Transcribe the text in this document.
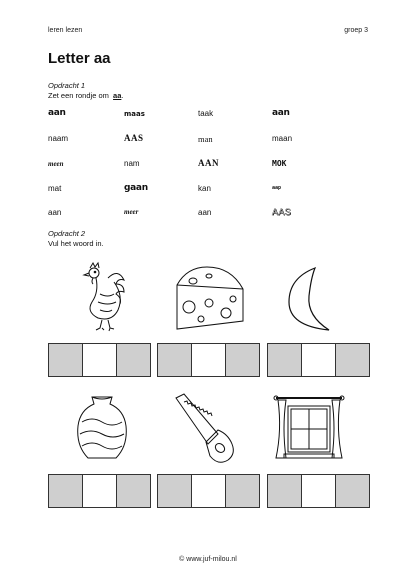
leren lezen	groep 3
Letter aa
Opdracht 1
Zet een rondje om aa.
aan	maas	taak	aan
naam	AAS	man	maan
meen	nam	AAN	MOK
mat	gaan	kan	aap
aan	meer	aan	AAS
Opdracht 2
Vul het woord in.
© www.juf-milou.nl
